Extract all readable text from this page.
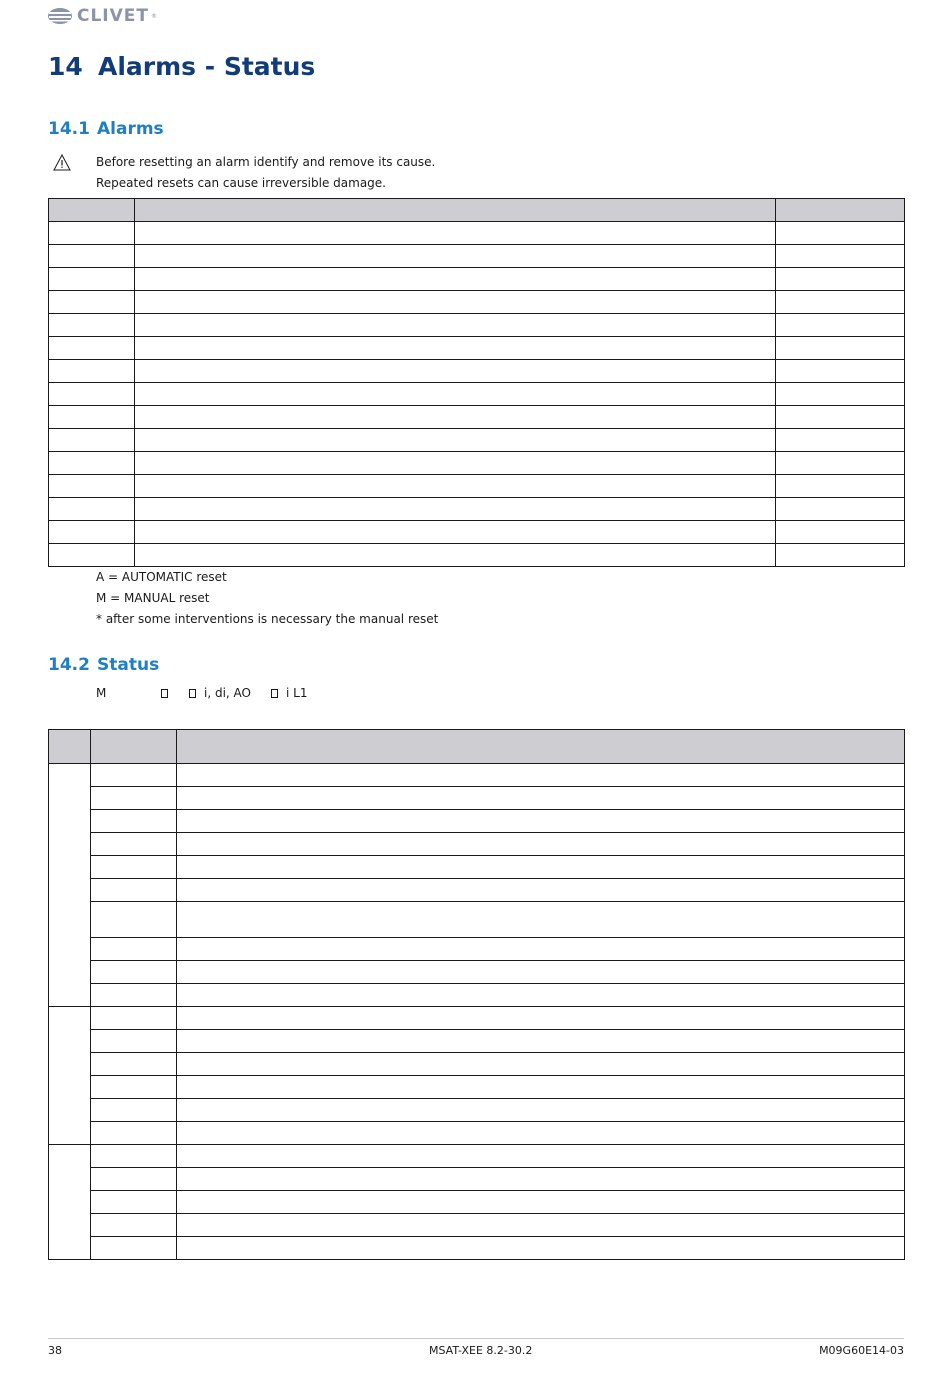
CLIVET ®
14 Alarms - Status
14.1 Alarms
Before resetting an alarm identify and remove its cause.
Repeated resets can cause irreversible damage.

A = AUTOMATIC reset
M = MANUAL reset
* after some interventions is necessary the manual reset
14.2 Status
M	i, di, AO	i L1

38	MSAT-XEE 8.2-30.2	M09G60E14-03
